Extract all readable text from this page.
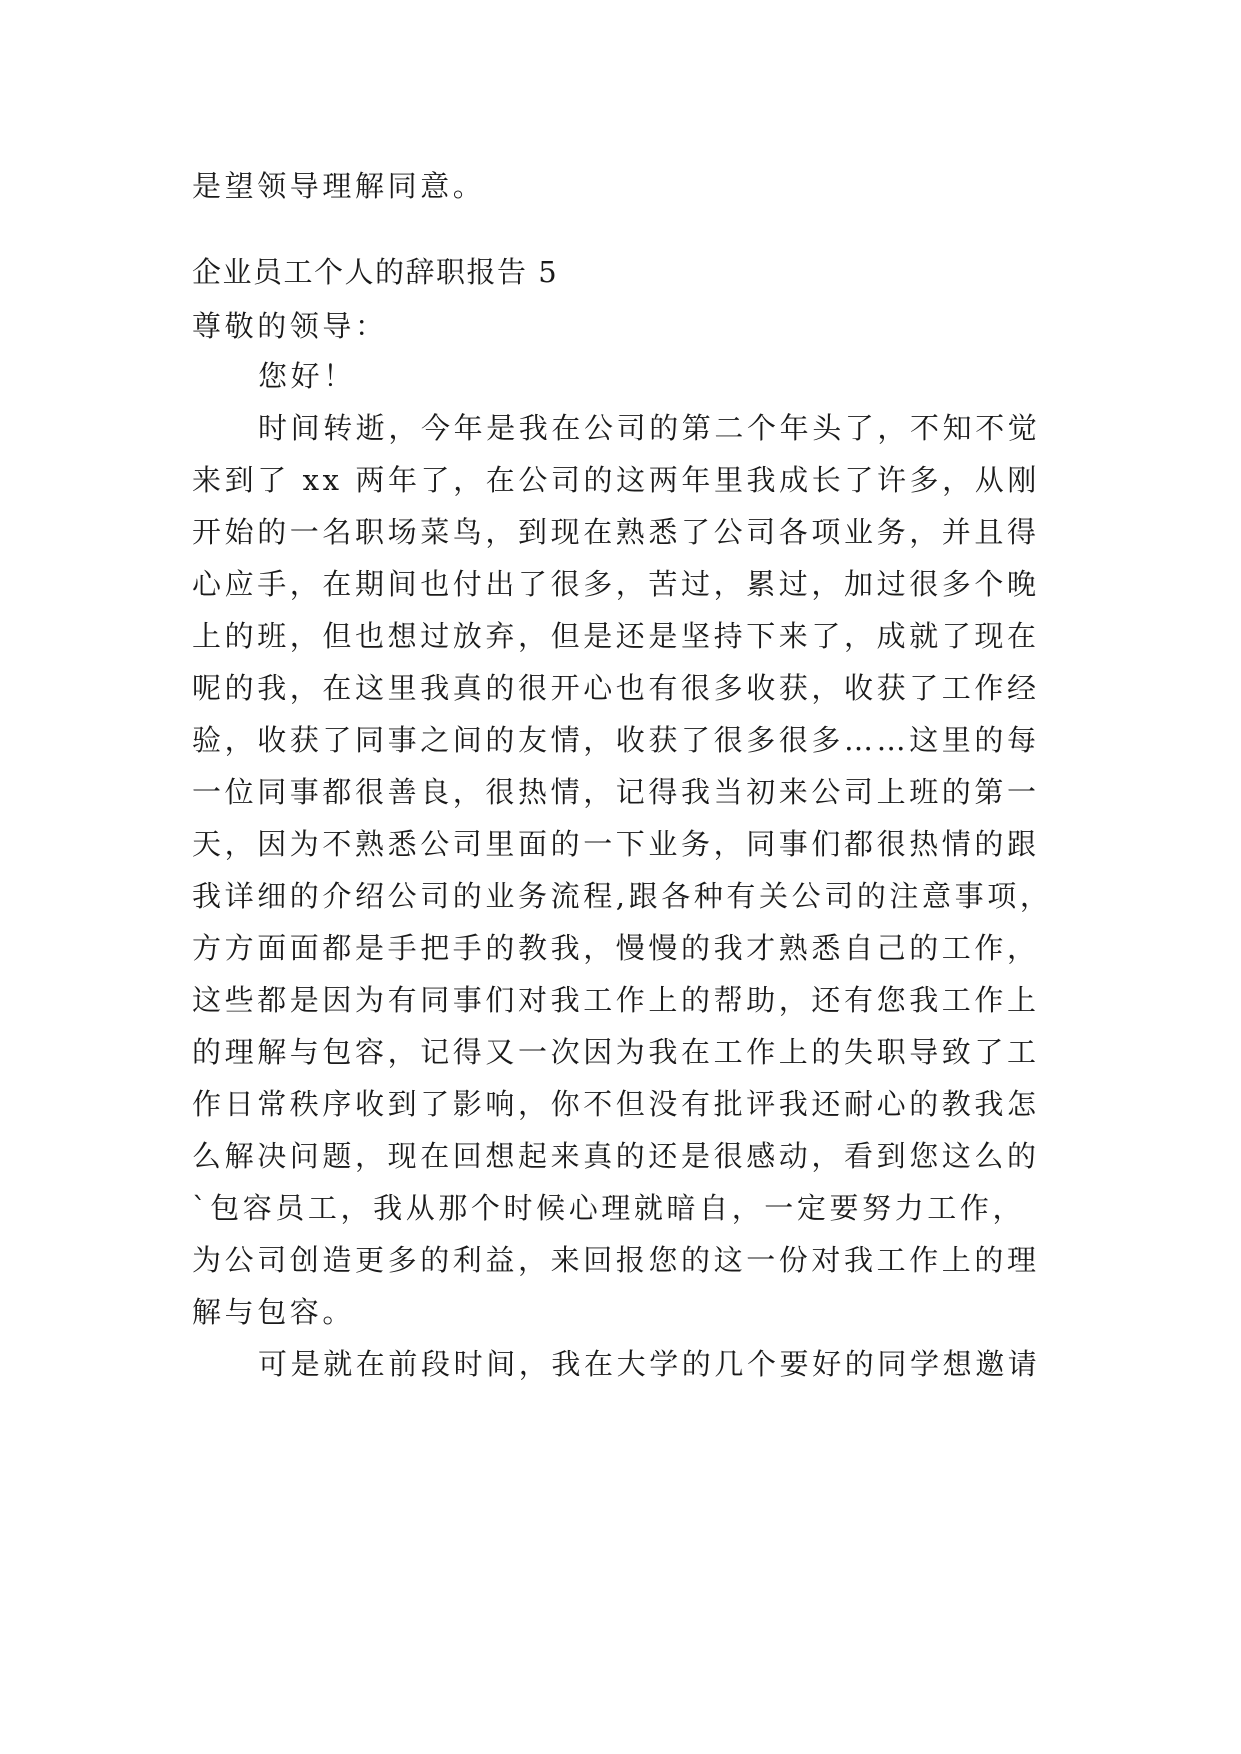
是望领导理解同意。
企业员工个人的辞职报告 5
尊敬的领导：
您好！
时间转逝，今年是我在公司的第二个年头了，不知不觉
来到了 xx 两年了，在公司的这两年里我成长了许多，从刚
开始的一名职场菜鸟，到现在熟悉了公司各项业务，并且得
心应手，在期间也付出了很多，苦过，累过，加过很多个晚
上的班，但也想过放弃，但是还是坚持下来了，成就了现在
呢的我，在这里我真的很开心也有很多收获，收获了工作经
验，收获了同事之间的友情，收获了很多很多……这里的每
一位同事都很善良，很热情，记得我当初来公司上班的第一
天，因为不熟悉公司里面的一下业务，同事们都很热情的跟
我详细的介绍公司的业务流程,跟各种有关公司的注意事项，
方方面面都是手把手的教我，慢慢的我才熟悉自己的工作，
这些都是因为有同事们对我工作上的帮助，还有您我工作上
的理解与包容，记得又一次因为我在工作上的失职导致了工
作日常秩序收到了影响，你不但没有批评我还耐心的教我怎
么解决问题，现在回想起来真的还是很感动，看到您这么的
`包容员工，我从那个时候心理就暗自，一定要努力工作，
为公司创造更多的利益，来回报您的这一份对我工作上的理
解与包容。
可是就在前段时间，我在大学的几个要好的同学想邀请
